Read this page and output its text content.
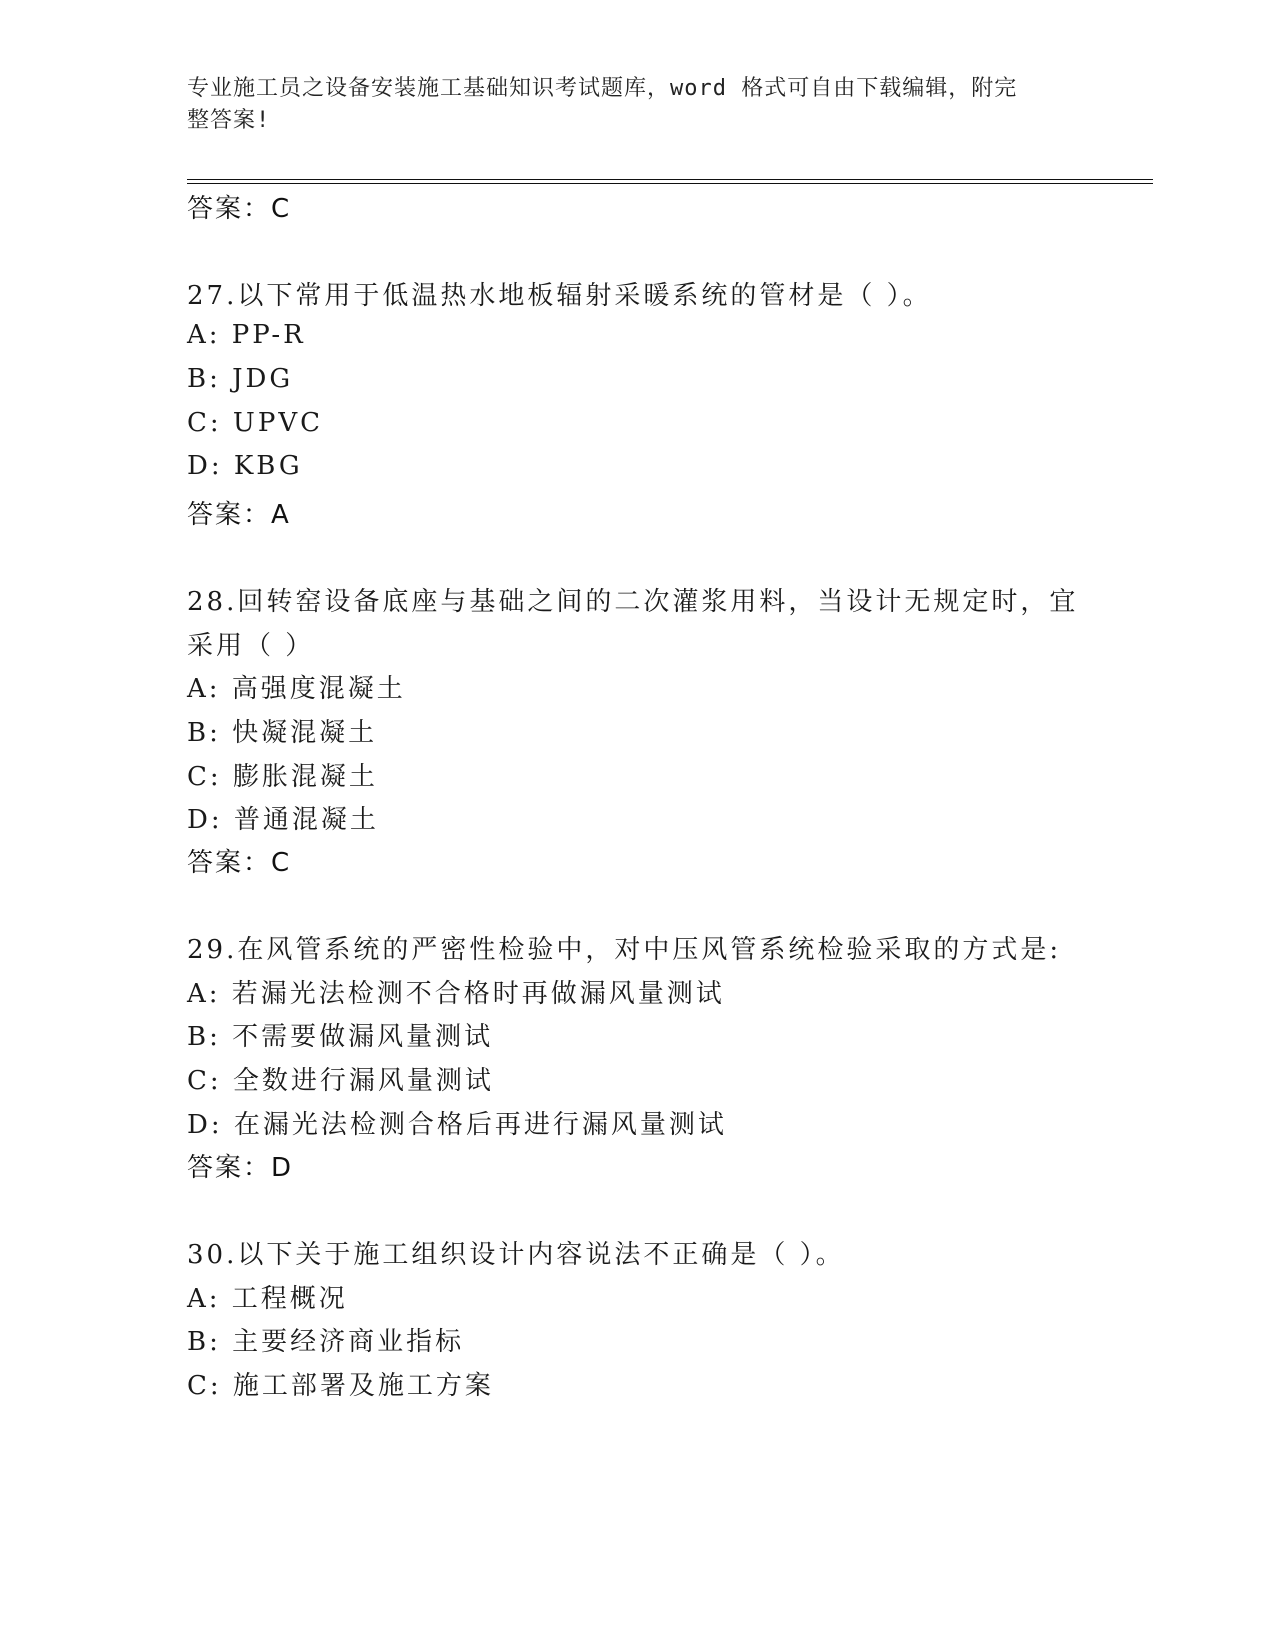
专业施工员之设备安装施工基础知识考试题库，word 格式可自由下载编辑，附完
整答案!
答案：C
27.以下常用于低温热水地板辐射采暖系统的管材是（ ）。
A: PP-R
B: JDG
C: UPVC
D: KBG
答案：A
28.回转窑设备底座与基础之间的二次灌浆用料，当设计无规定时，宜
采用（ ）
A: 高强度混凝土
B: 快凝混凝土
C: 膨胀混凝土
D: 普通混凝土
答案：C
29.在风管系统的严密性检验中，对中压风管系统检验采取的方式是:
A: 若漏光法检测不合格时再做漏风量测试
B: 不需要做漏风量测试
C: 全数进行漏风量测试
D: 在漏光法检测合格后再进行漏风量测试
答案：D
30.以下关于施工组织设计内容说法不正确是（ ）。
A: 工程概况
B: 主要经济商业指标
C: 施工部署及施工方案
